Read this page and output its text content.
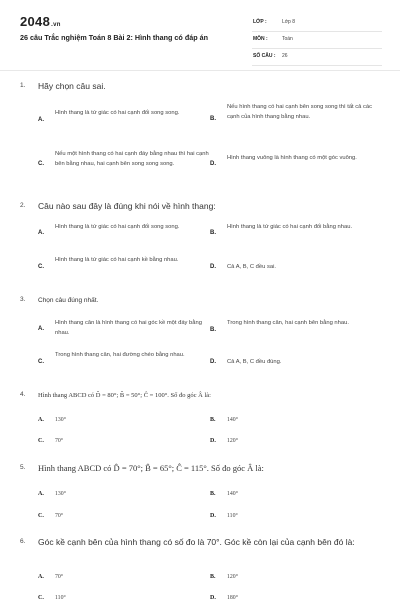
2048.vn
26 câu Trắc nghiệm Toán 8 Bài 2: Hình thang có đáp án
LỚP :	Lớp 8
MÔN :	Toán
SỐ CÂU : 26
1. Hãy chọn câu sai.
A.
Hình thang là tứ giác có hai cạnh đối song song.
B.
Nếu hình thang có hai cạnh bên song song thì tất cả các cạnh của hình thang bằng nhau.
C.
Nếu một hình thang có hai cạnh đáy bằng nhau thì hai cạnh bên bằng nhau, hai cạnh bên song song song.	D.
Hình thang vuông là hình thang có một góc vuông.
2. Câu nào sau đây là đúng khi nói về hình thang:
A.
Hình thang là tứ giác có hai cạnh đối song song.
B.
Hình thang là tứ giác có hai cạnh đối bằng nhau.
C.
Hình thang là tứ giác có hai cạnh kề bằng nhau.
D. Cả A, B, C đều sai.
3. Chọn câu đúng nhất.
A.
Hình thang cân là hình thang có hai góc kề một đáy bằng nhau.	B.
Trong hình thang cân, hai cạnh bên bằng nhau.
C.
Trong hình thang cân, hai đường chéo bằng nhau.
D. Cả A, B, C đều đúng.
4. Hình thang ABCD có D̂ = 80°; B̂ = 50°; Ĉ = 100°. Số đo góc Â là:
A. 130°	B. 140°
C. 70°	D. 120°
5. Hình thang ABCD có D̂ = 70°; B̂ = 65°; Ĉ = 115°. Số đo góc Â là:
A. 130°	B. 140°
C. 70°	D. 110°
6. Góc kề cạnh bên của hình thang có số đo là 70°. Góc kề còn lại của cạnh bên đó là:
A. 70°	B. 120°
C. 110°	D. 180°
